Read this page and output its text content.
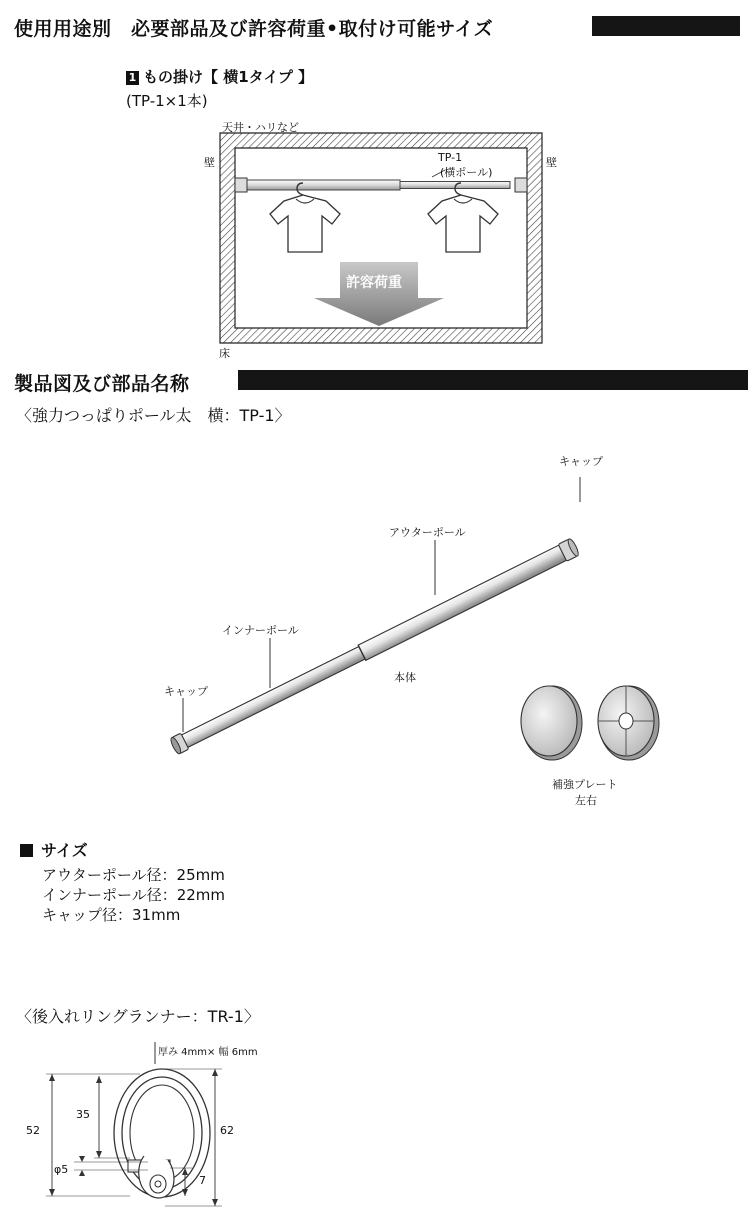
使用用途別　必要部品及び許容荷重•取付け可能サイズ
1 もの掛け【 横1タイプ 】
(TP-1×1本)
天井・ハリなど
壁	壁
TP-1
(横ポール)
許容荷重
床
製品図及び部品名称
〈強力つっぱりポール太　横：TP-1〉
キャップ
アウターポール
インナーポール
キャップ
本体
補強プレート
左右
サイズ
アウターポール径：25mm
インナーポール径：22mm
キャップ径：31mm
〈後入れリングランナー：TR-1〉
厚み 4mm× 幅 6mm
52
35
62
φ5
7
